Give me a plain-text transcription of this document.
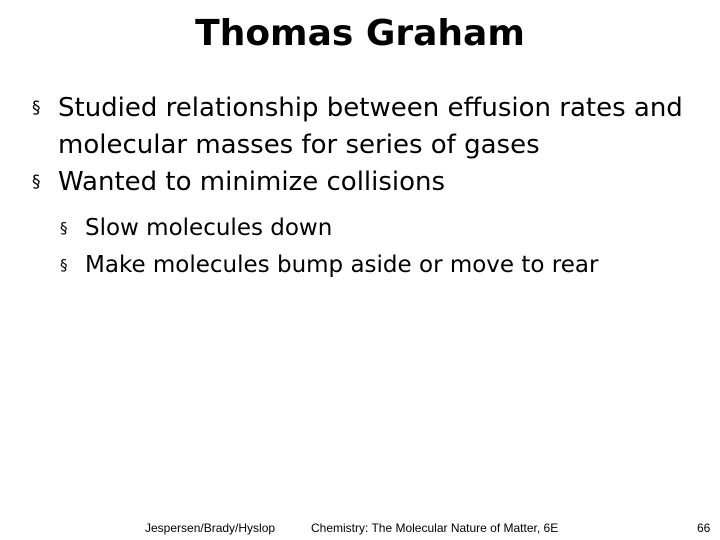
Thomas Graham
§ Studied relationship between effusion rates and molecular masses for series of gases
§ Wanted to minimize collisions
§ Slow molecules down
§ Make molecules bump aside or move to rear
Jespersen/Brady/Hyslop	Chemistry: The Molecular Nature of Matter, 6E	66
